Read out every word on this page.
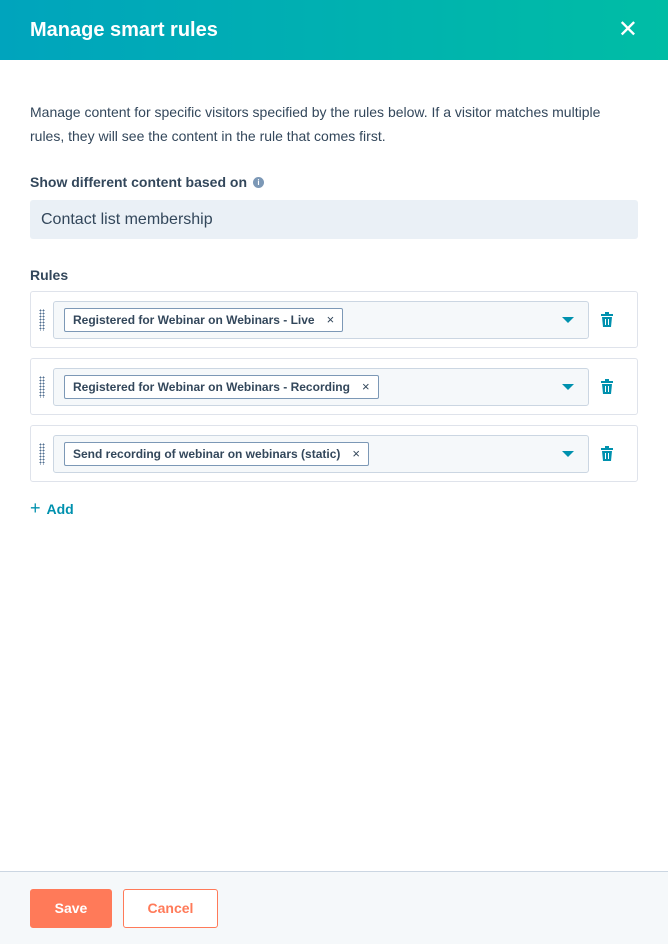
Manage smart rules	✕

Manage content for specific visitors specified by the rules below. If a visitor matches multiple rules, they will see the content in the rule that comes first.

Show different content based on	i
Contact list membership
Rules
Registered for Webinar on Webinars - Live ×
Registered for Webinar on Webinars - Recording ×
Send recording of webinar on webinars (static) ×
+ Add
Save	Cancel
